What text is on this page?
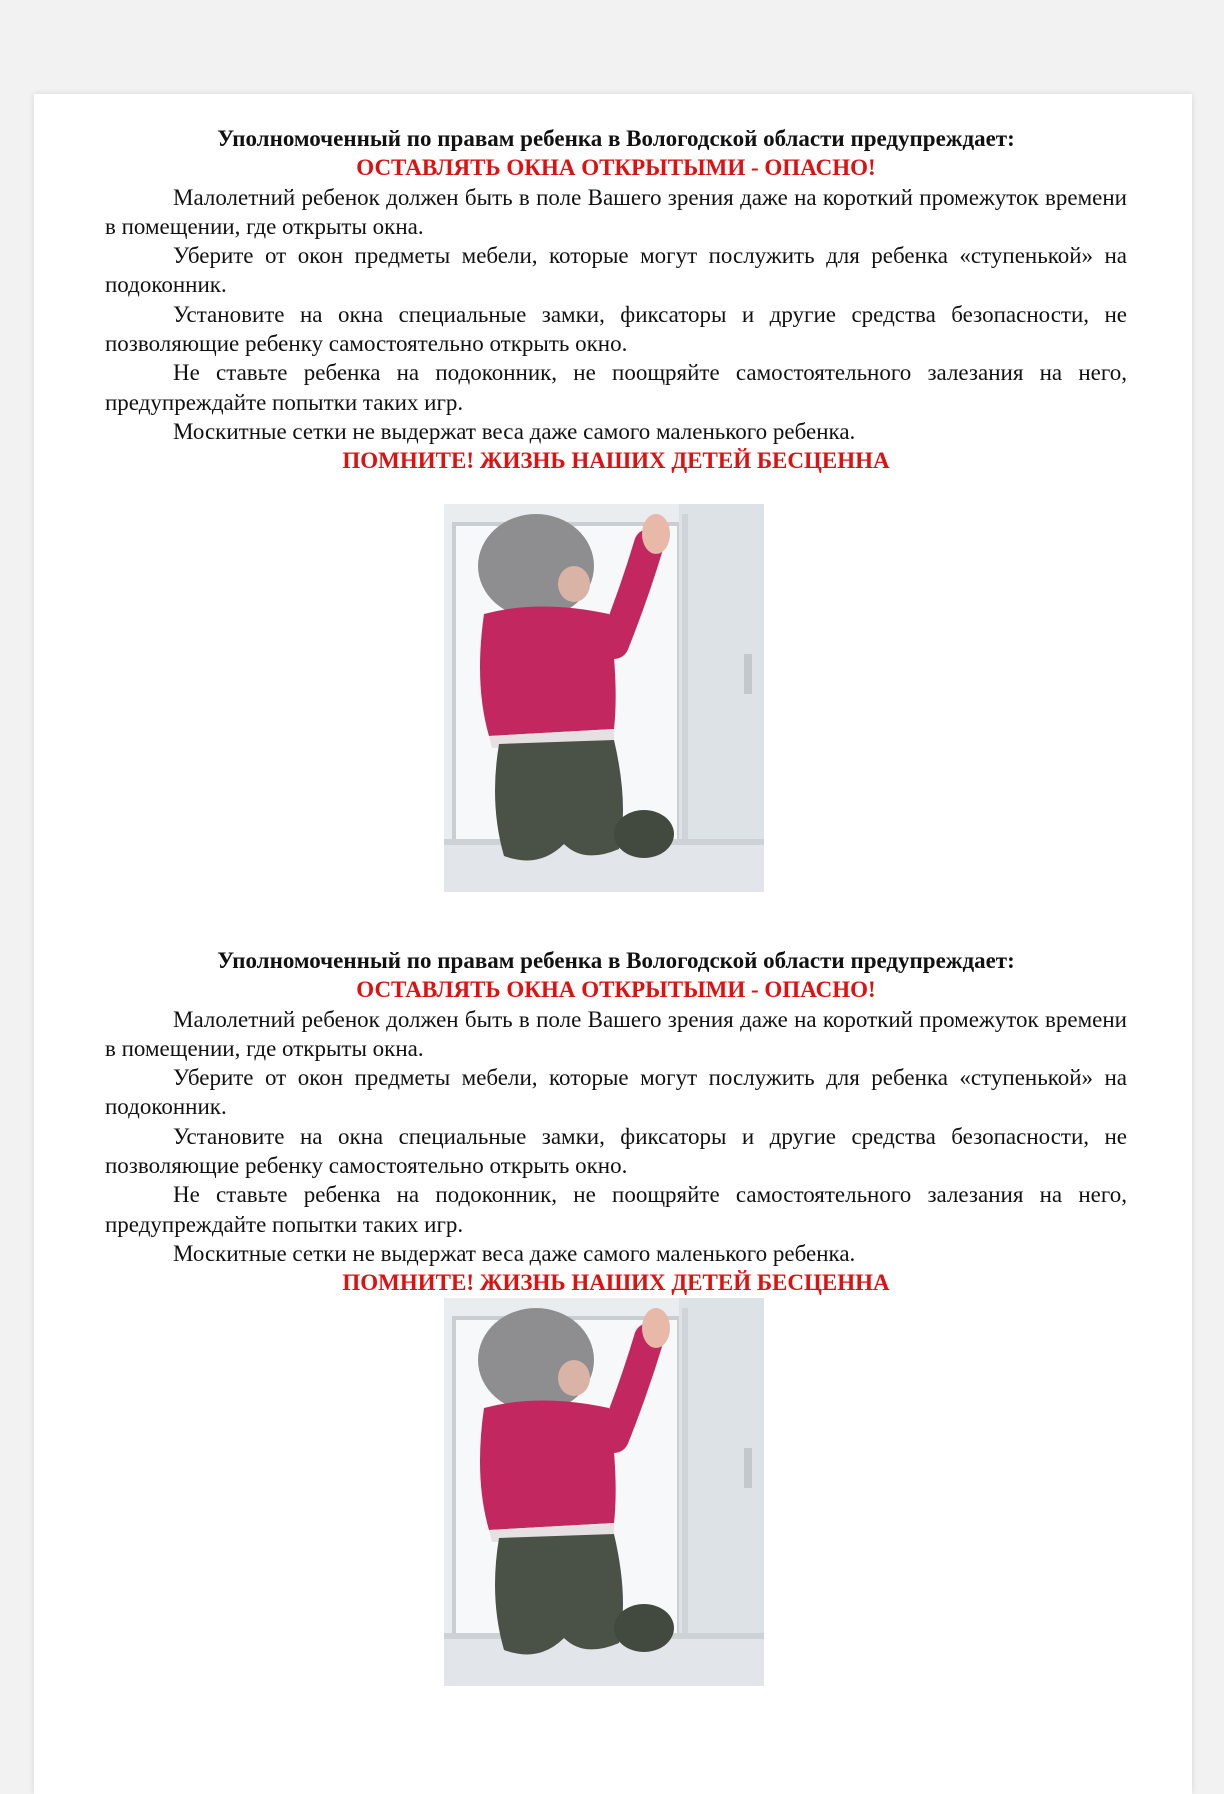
Уполномоченный по правам ребенка в Вологодской области предупреждает:

ОСТАВЛЯТЬ ОКНА ОТКРЫТЫМИ - ОПАСНО!

Малолетний ребенок должен быть в поле Вашего зрения даже на короткий промежуток времени в помещении, где открыты окна.

Уберите от окон предметы мебели, которые могут послужить для ребенка «ступенькой» на подоконник.

Установите на окна специальные замки, фиксаторы и другие средства безопасности, не позволяющие ребенку самостоятельно открыть окно.

Не ставьте ребенка на подоконник, не поощряйте самостоятельного залезания на него, предупреждайте попытки таких игр.

Москитные сетки не выдержат веса даже самого маленького ребенка.

ПОМНИТЕ! ЖИЗНЬ НАШИХ ДЕТЕЙ БЕСЦЕННА

Уполномоченный по правам ребенка в Вологодской области предупреждает:

ОСТАВЛЯТЬ ОКНА ОТКРЫТЫМИ - ОПАСНО!

Малолетний ребенок должен быть в поле Вашего зрения даже на короткий промежуток времени в помещении, где открыты окна.

Уберите от окон предметы мебели, которые могут послужить для ребенка «ступенькой» на подоконник.

Установите на окна специальные замки, фиксаторы и другие средства безопасности, не позволяющие ребенку самостоятельно открыть окно.

Не ставьте ребенка на подоконник, не поощряйте самостоятельного залезания на него, предупреждайте попытки таких игр.

Москитные сетки не выдержат веса даже самого маленького ребенка.

ПОМНИТЕ! ЖИЗНЬ НАШИХ ДЕТЕЙ БЕСЦЕННА
